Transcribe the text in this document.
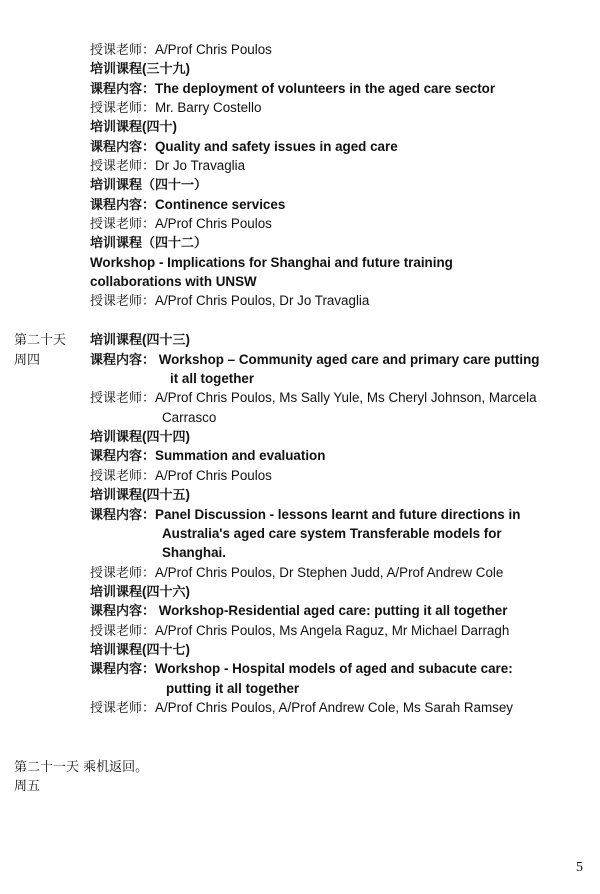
授课老师：A/Prof Chris Poulos
培训课程(三十九)
课程内容：The deployment of volunteers in the aged care sector
授课老师：Mr. Barry Costello
培训课程(四十)
课程内容：Quality and safety issues in aged care
授课老师：Dr Jo Travaglia
培训课程（四十一）
课程内容：Continence services
授课老师：A/Prof Chris Poulos
培训课程（四十二）
Workshop - Implications for Shanghai and future training
collaborations with UNSW
授课老师：A/Prof Chris Poulos, Dr Jo Travaglia
第二十天 培训课程(四十三)
周四	课程内容： Workshop – Community aged care and primary care putting
it all together
授课老师：A/Prof Chris Poulos, Ms Sally Yule, Ms Cheryl Johnson, Marcela
Carrasco
培训课程(四十四)
课程内容：Summation and evaluation
授课老师：A/Prof Chris Poulos
培训课程(四十五)
课程内容：Panel Discussion - lessons learnt and future directions in
Australia's aged care system Transferable models for
Shanghai.
授课老师：A/Prof Chris Poulos, Dr Stephen Judd, A/Prof Andrew Cole
培训课程(四十六)
课程内容： Workshop-Residential aged care: putting it all together
授课老师：A/Prof Chris Poulos, Ms Angela Raguz, Mr Michael Darragh
培训课程(四十七)
课程内容：Workshop - Hospital models of aged and subacute care:
putting it all together
授课老师：A/Prof Chris Poulos, A/Prof Andrew Cole, Ms Sarah Ramsey
第二十一天 乘机返回。
周五
5
